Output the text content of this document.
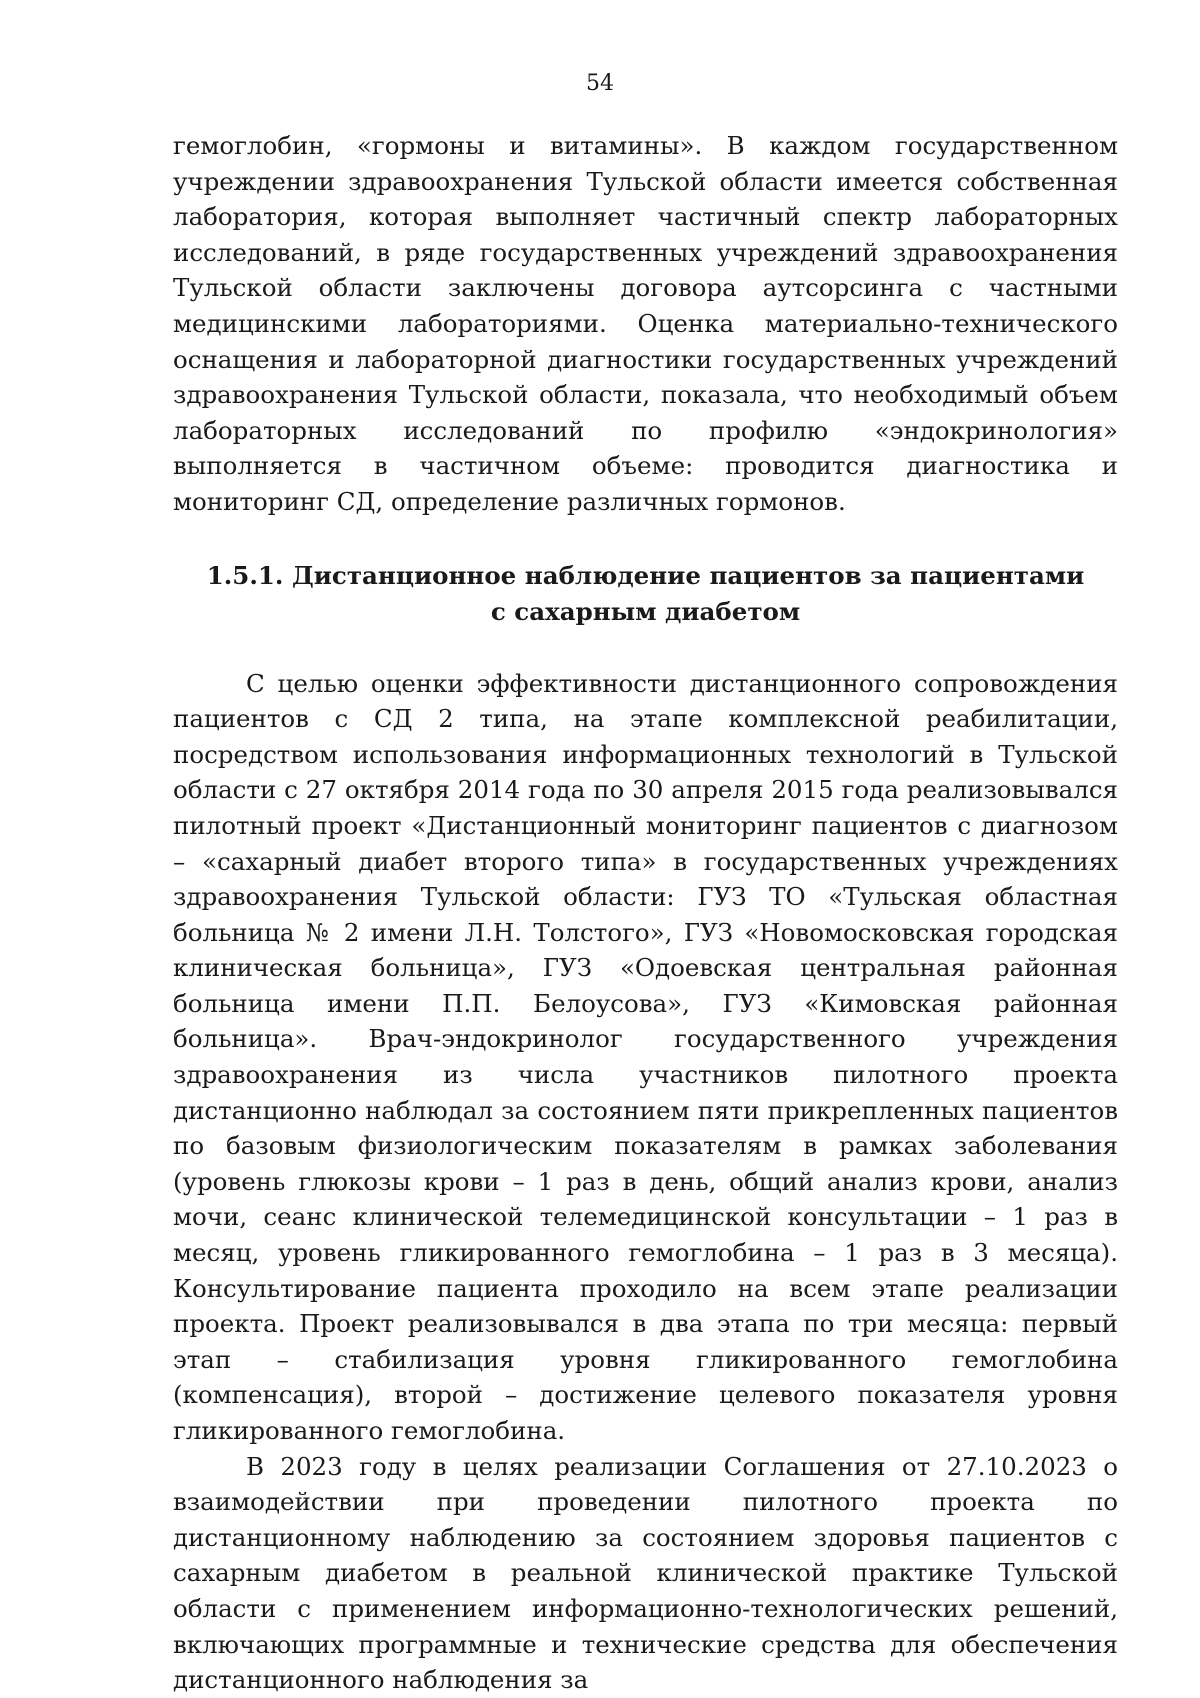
54

гемоглобин, «гормоны и витамины». В каждом государственном учреждении здравоохранения Тульской области имеется собственная лаборатория, которая выполняет частичный спектр лабораторных исследований, в ряде государственных учреждений здравоохранения Тульской области заключены договора аутсорсинга с частными медицинскими лабораториями. Оценка материально-технического оснащения и лабораторной диагностики государственных учреждений здравоохранения Тульской области, показала, что необходимый объем лабораторных исследований по профилю «эндокринология» выполняется в частичном объеме: проводится диагностика и мониторинг СД, определение различных гормонов.

1.5.1. Дистанционное наблюдение пациентов за пациентами
с сахарным диабетом

С целью оценки эффективности дистанционного сопровождения пациентов с СД 2 типа, на этапе комплексной реабилитации, посредством использования информационных технологий в Тульской области с 27 октября 2014 года по 30 апреля 2015 года реализовывался пилотный проект «Дистанционный мониторинг пациентов с диагнозом – «сахарный диабет второго типа» в государственных учреждениях здравоохранения Тульской области: ГУЗ ТО «Тульская областная больница № 2 имени Л.Н. Толстого», ГУЗ «Новомосковская городская клиническая больница», ГУЗ «Одоевская центральная районная больница имени П.П. Белоусова», ГУЗ «Кимовская районная больница». Врач-эндокринолог государственного учреждения здравоохранения из числа участников пилотного проекта дистанционно наблюдал за состоянием пяти прикрепленных пациентов по базовым физиологическим показателям в рамках заболевания (уровень глюкозы крови – 1 раз в день, общий анализ крови, анализ мочи, сеанс клинической телемедицинской консультации – 1 раз в месяц, уровень гликированного гемоглобина – 1 раз в 3 месяца). Консультирование пациента проходило на всем этапе реализации проекта. Проект реализовывался в два этапа по три месяца: первый этап – стабилизация уровня гликированного гемоглобина (компенсация), второй – достижение целевого показателя уровня гликированного гемоглобина.

В 2023 году в целях реализации Соглашения от 27.10.2023 о взаимодействии при проведении пилотного проекта по дистанционному наблюдению за состоянием здоровья пациентов с сахарным диабетом в реальной клинической практике Тульской области с применением информационно-технологических решений, включающих программные и технические средства для обеспечения дистанционного наблюдения за
